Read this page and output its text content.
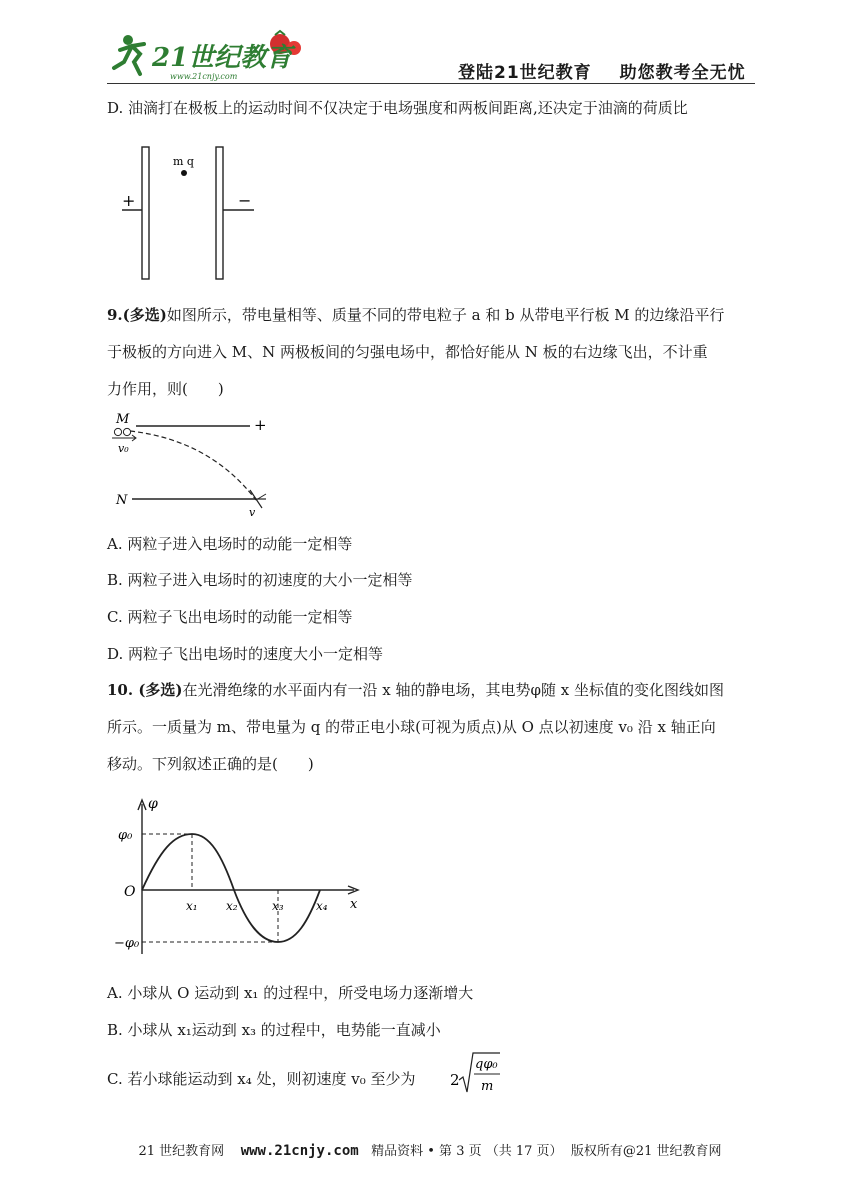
21世纪教育
www.21cnjy.com	登陆21世纪教育 助您教考全无忧
D. 油滴打在极板上的运动时间不仅决定于电场强度和两板间距离,还决定于油滴的荷质比
+	−
m q
9.(多选)如图所示，带电量相等、质量不同的带电粒子 a 和 b 从带电平行板 M 的边缘沿平行
于极板的方向进入 M、N 两极板间的匀强电场中，都恰好能从 N 板的右边缘飞出，不计重
力作用，则(　　)
M	+
v₀
N
v
A. 两粒子进入电场时的动能一定相等
B. 两粒子进入电场时的初速度的大小一定相等
C. 两粒子飞出电场时的动能一定相等
D. 两粒子飞出电场时的速度大小一定相等
10. (多选)在光滑绝缘的水平面内有一沿 x 轴的静电场，其电势φ随 x 坐标值的变化图线如图
所示。一质量为 m、带电量为 q 的带正电小球(可视为质点)从 O 点以初速度 v₀ 沿 x 轴正向
移动。下列叙述正确的是(　　)
φ
x
O
φ₀
−φ₀
x₁ x₂	x₃	x₄
A. 小球从 O 运动到 x₁ 的过程中，所受电场力逐渐增大
B. 小球从 x₁运动到 x₃ 的过程中，电势能一直减小
C. 若小球能运动到 x₄ 处，则初速度 v₀ 至少为 2
qφ₀
m
21 世纪教育网 www.21cnjy.com 精品资料 • 第 3 页 （共 17 页） 版权所有@21 世纪教育网
